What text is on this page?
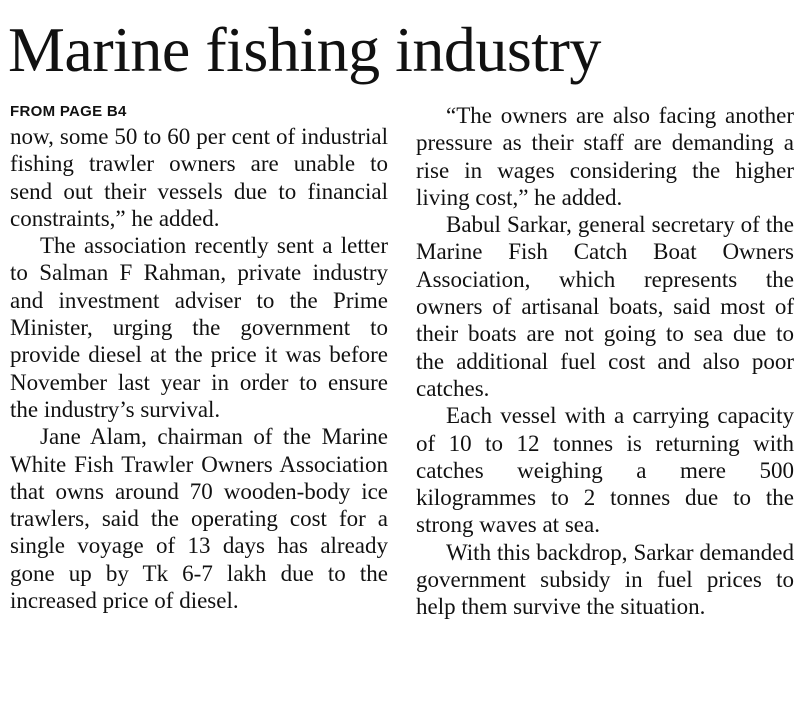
Marine fishing industry
FROM PAGE B4

now, some 50 to 60 per cent of industrial fishing trawler owners are unable to send out their vessels due to financial constraints,” he added.

The association recently sent a letter to Salman F Rahman, private industry and investment adviser to the Prime Minister, urging the government to provide diesel at the price it was before November last year in order to ensure the industry’s survival.

Jane Alam, chairman of the Marine White Fish Trawler Owners Association that owns around 70 wooden-body ice trawlers, said the operating cost for a single voyage of 13 days has already gone up by Tk 6-7 lakh due to the increased price of diesel.

“The owners are also facing another pressure as their staff are demanding a rise in wages considering the higher living cost,” he added.

Babul Sarkar, general secretary of the Marine Fish Catch Boat Owners Association, which represents the owners of artisanal boats, said most of their boats are not going to sea due to the additional fuel cost and also poor catches.

Each vessel with a carrying capacity of 10 to 12 tonnes is returning with catches weighing a mere 500 kilogrammes to 2 tonnes due to the strong waves at sea.

With this backdrop, Sarkar demanded government subsidy in fuel prices to help them survive the situation.
